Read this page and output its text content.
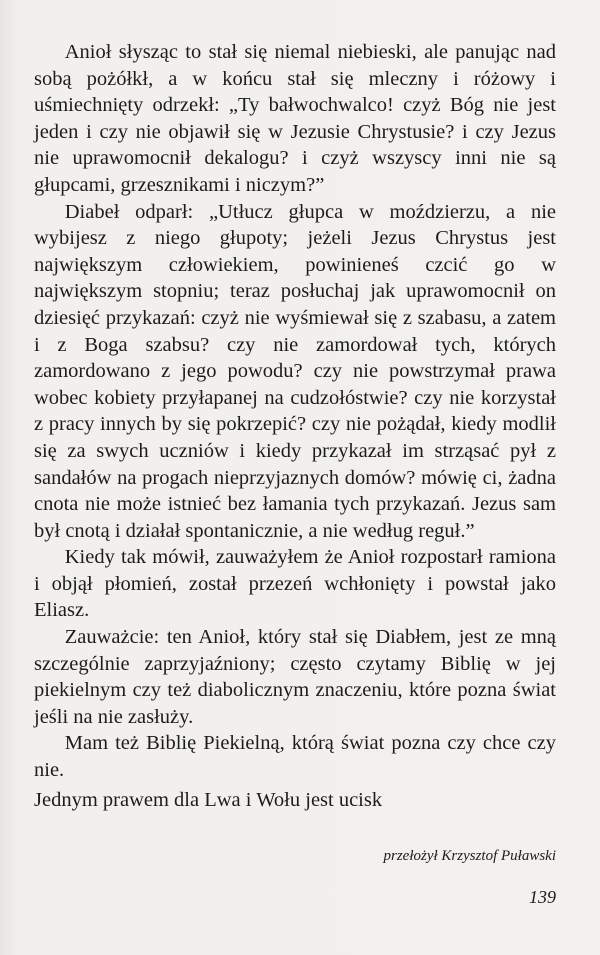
Anioł słysząc to stał się niemal niebieski, ale panując nad sobą pożółkł, a w końcu stał się mleczny i różowy i uśmiechnięty odrzekł: „Ty bałwochwalco! czyż Bóg nie jest jeden i czy nie objawił się w Jezusie Chrystusie? i czy Jezus nie uprawomocnił dekalogu? i czyż wszyscy inni nie są głupcami, grzesznikami i niczym?”

Diabeł odparł: „Utłucz głupca w moździerzu, a nie wybijesz z niego głupoty; jeżeli Jezus Chrystus jest największym człowiekiem, powinieneś czcić go w największym stopniu; teraz posłuchaj jak uprawomocnił on dziesięć przykazań: czyż nie wyśmiewał się z szabasu, a zatem i z Boga szabsu? czy nie zamordował tych, których zamordowano z jego powodu? czy nie powstrzymał prawa wobec kobiety przyłapanej na cudzołóstwie? czy nie korzystał z pracy innych by się pokrzepić? czy nie pożądał, kiedy modlił się za swych uczniów i kiedy przykazał im strząsać pył z sandałów na progach nieprzyjaznych domów? mówię ci, żadna cnota nie może istnieć bez łamania tych przykazań. Jezus sam był cnotą i działał spontanicznie, a nie według reguł.”

Kiedy tak mówił, zauważyłem że Anioł rozpostarł ramiona i objął płomień, został przezeń wchłonięty i powstał jako Eliasz.

Zauważcie: ten Anioł, który stał się Diabłem, jest ze mną szczególnie zaprzyjaźniony; często czytamy Biblię w jej piekielnym czy też diabolicznym znaczeniu, które pozna świat jeśli na nie zasłuży.

Mam też Biblię Piekielną, którą świat pozna czy chce czy nie.

Jednym prawem dla Lwa i Wołu jest ucisk

przełożył Krzysztof Puławski

139
